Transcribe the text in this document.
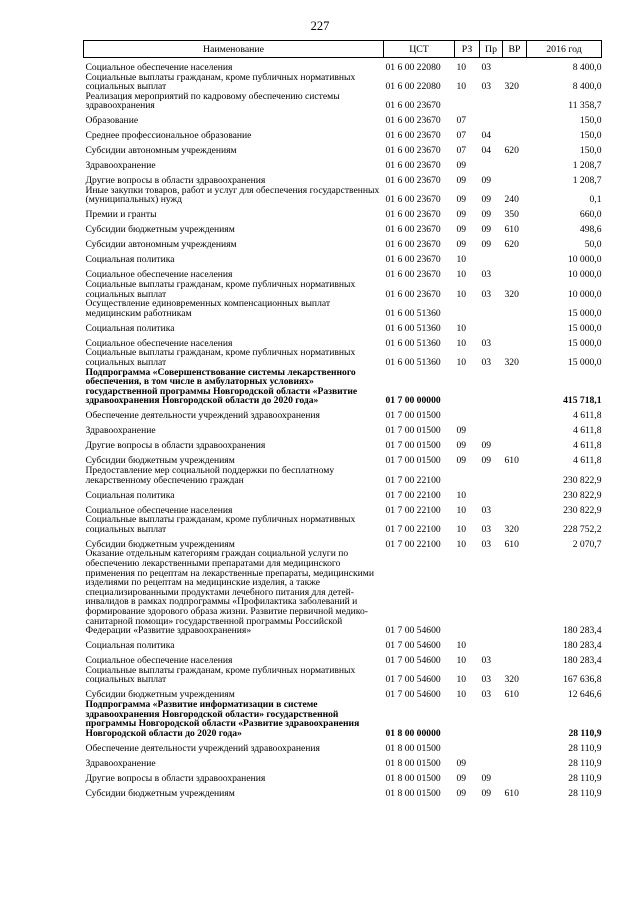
227
Наименование	ЦСТ	РЗ	Пр	ВР	2016 год
Социальное обеспечение населения	01 6 00 22080	10	03		8 400,0
Социальные выплаты гражданам, кроме публичных нормативных социальных выплат	01 6 00 22080	10	03	320	8 400,0
Реализация мероприятий по кадровому обеспечению системы здравоохранения	01 6 00 23670				11 358,7
Образование	01 6 00 23670	07			150,0
Среднее профессиональное образование	01 6 00 23670	07	04		150,0
Субсидии автономным учреждениям	01 6 00 23670	07	04	620	150,0
Здравоохранение	01 6 00 23670	09			1 208,7
Другие вопросы в области здравоохранения	01 6 00 23670	09	09		1 208,7
Иные закупки товаров, работ и услуг для обеспечения государственных (муниципальных) нужд	01 6 00 23670	09	09	240	0,1
Премии и гранты	01 6 00 23670	09	09	350	660,0
Субсидии бюджетным учреждениям	01 6 00 23670	09	09	610	498,6
Субсидии автономным учреждениям	01 6 00 23670	09	09	620	50,0
Социальная политика	01 6 00 23670	10			10 000,0
Социальное обеспечение населения	01 6 00 23670	10	03		10 000,0
Социальные выплаты гражданам, кроме публичных нормативных социальных выплат	01 6 00 23670	10	03	320	10 000,0
Осуществление единовременных компенсационных выплат медицинским работникам	01 6 00 51360				15 000,0
Социальная политика	01 6 00 51360	10			15 000,0
Социальное обеспечение населения	01 6 00 51360	10	03		15 000,0
Социальные выплаты гражданам, кроме публичных нормативных социальных выплат	01 6 00 51360	10	03	320	15 000,0
Подпрограмма «Совершенствование системы лекарственного обеспечения, в том числе в амбулаторных условиях» государственной программы Новгородской области «Развитие здравоохранения Новгородской области до 2020 года»	01 7 00 00000				415 718,1
Обеспечение деятельности учреждений здравоохранения	01 7 00 01500				4 611,8
Здравоохранение	01 7 00 01500	09			4 611,8
Другие вопросы в области здравоохранения	01 7 00 01500	09	09		4 611,8
Субсидии бюджетным учреждениям	01 7 00 01500	09	09	610	4 611,8
Предоставление мер социальной поддержки по бесплатному лекарственному обеспечению граждан	01 7 00 22100				230 822,9
Социальная политика	01 7 00 22100	10			230 822,9
Социальное обеспечение населения	01 7 00 22100	10	03		230 822,9
Социальные выплаты гражданам, кроме публичных нормативных социальных выплат	01 7 00 22100	10	03	320	228 752,2
Субсидии бюджетным учреждениям	01 7 00 22100	10	03	610	2 070,7
Оказание отдельным категориям граждан социальной услуги по обеспечению лекарственными препаратами для медицинского применения по рецептам на лекарственные препараты, медицинскими изделиями по рецептам на медицинские изделия, а также специализированными продуктами лечебного питания для детей-инвалидов в рамках подпрограммы «Профилактика заболеваний и формирование здорового образа жизни. Развитие первичной медико-санитарной помощи» государственной программы Российской Федерации «Развитие здравоохранения»	01 7 00 54600				180 283,4
Социальная политика	01 7 00 54600	10			180 283,4
Социальное обеспечение населения	01 7 00 54600	10	03		180 283,4
Социальные выплаты гражданам, кроме публичных нормативных социальных выплат	01 7 00 54600	10	03	320	167 636,8
Субсидии бюджетным учреждениям	01 7 00 54600	10	03	610	12 646,6
Подпрограмма «Развитие информатизации в системе здравоохранения Новгородской области» государственной программы Новгородской области «Развитие здравоохранения Новгородской области до 2020 года»	01 8 00 00000				28 110,9
Обеспечение деятельности учреждений здравоохранения	01 8 00 01500				28 110,9
Здравоохранение	01 8 00 01500	09			28 110,9
Другие вопросы в области здравоохранения	01 8 00 01500	09	09		28 110,9
Субсидии бюджетным учреждениям	01 8 00 01500	09	09	610	28 110,9
